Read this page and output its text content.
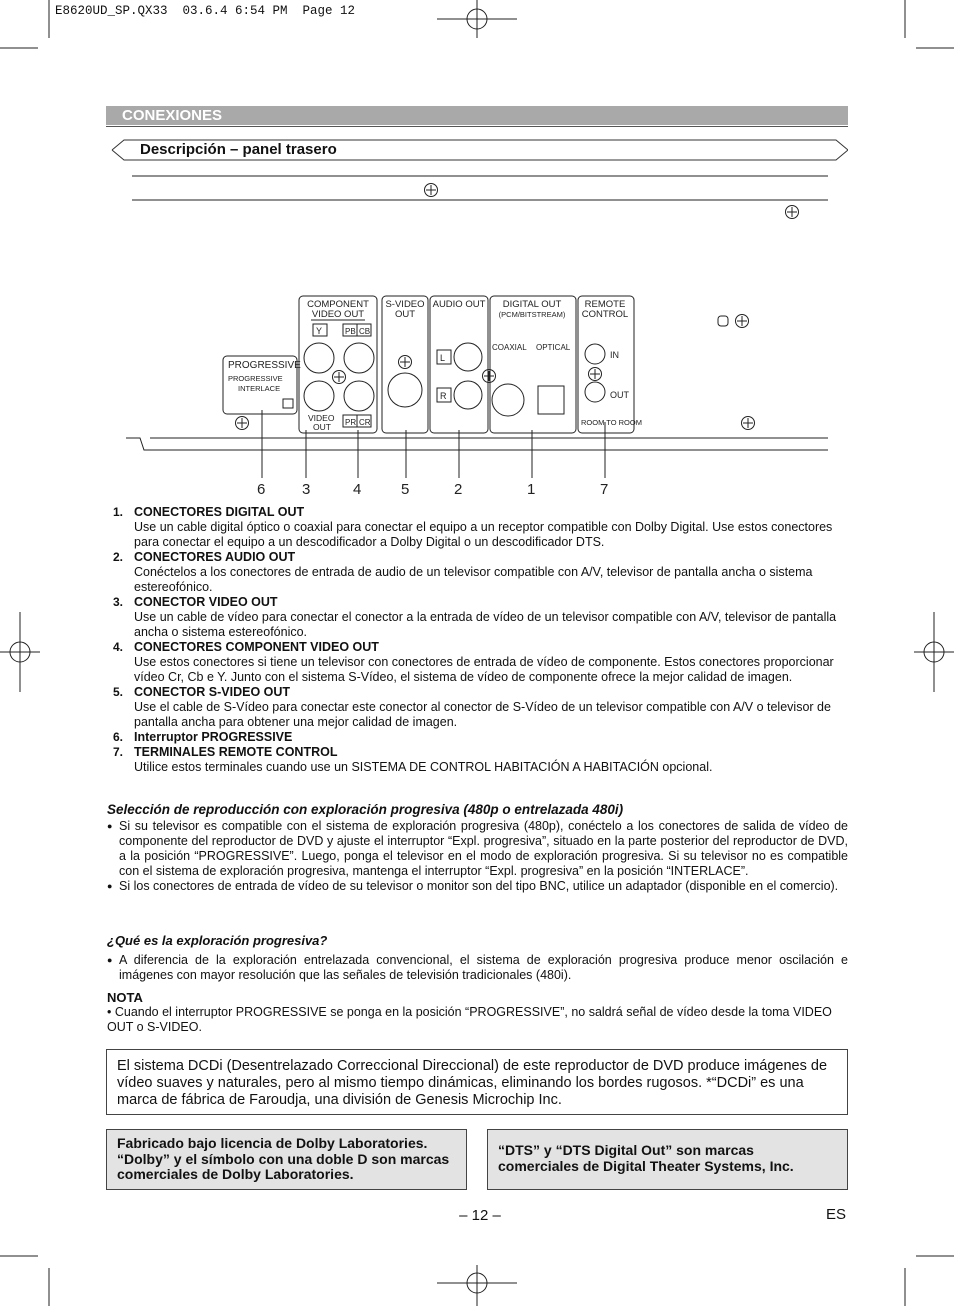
E8620UD_SP.QX33  03.6.4 6:54 PM  Page 12
CONEXIONES
Descripción – panel trasero
PROGRESSIVE
PROGRESSIVE
INTERLACE
COMPONENT
VIDEO OUT
Y	PB CB
PR CR
VIDEO
OUT
S-VIDEO
OUT
AUDIO OUT
L
R
DIGITAL OUT
(PCM/BITSTREAM)
COAXIAL OPTICAL
REMOTE
CONTROL
IN
OUT
ROOM TO ROOM
6 3	4	5	2	1	7
1. CONECTORES DIGITAL OUT
Use un cable digital óptico o coaxial para conectar el equipo a un receptor compatible con Dolby Digital. Use estos conectores para conectar el equipo a un descodificador a Dolby Digital o un descodificador DTS.
2. CONECTORES AUDIO OUT
Conéctelos a los conectores de entrada de audio de un televisor compatible con A/V, televisor de pantalla ancha o sistema estereofónico.
3. CONECTOR VIDEO OUT
Use un cable de vídeo para conectar el conector a la entrada de vídeo de un televisor compatible con A/V, televisor de pantalla ancha o sistema estereofónico.
4. CONECTORES COMPONENT VIDEO OUT
Use estos conectores si tiene un televisor con conectores de entrada de vídeo de componente. Estos conectores proporcionar vídeo Cr, Cb e Y. Junto con el sistema S-Vídeo, el sistema de vídeo de componente ofrece la mejor calidad de imagen.
5. CONECTOR S-VIDEO OUT
Use el cable de S-Vídeo para conectar este conector al conector de S-Vídeo de un televisor compatible con A/V o televisor de pantalla ancha para obtener una mejor calidad de imagen.
6. Interruptor PROGRESSIVE
7. TERMINALES REMOTE CONTROL
Utilice estos terminales cuando use un SISTEMA DE CONTROL HABITACIÓN A HABITACIÓN opcional.
Selección de reproducción con exploración progresiva (480p o entrelazada 480i)
● Si su televisor es compatible con el sistema de exploración progresiva (480p), conéctelo a los conectores de salida de vídeo de componente del reproductor de DVD y ajuste el interruptor “Expl. progresiva”, situado en la parte posterior del reproductor de DVD, a la posición “PROGRESSIVE”. Luego, ponga el televisor en el modo de exploración progresiva. Si su televisor no es compatible con el sistema de exploración progresiva, mantenga el interruptor “Expl. progresiva” en la posición “INTERLACE”.
● Si los conectores de entrada de vídeo de su televisor o monitor son del tipo BNC, utilice un adaptador (disponible en el comercio).
¿Qué es la exploración progresiva?
● A diferencia de la exploración entrelazada convencional, el sistema de exploración progresiva produce menor oscilación e imágenes con mayor resolución que las señales de televisión tradicionales (480i).
NOTA
• Cuando el interruptor PROGRESSIVE se ponga en la posición “PROGRESSIVE”, no saldrá señal de vídeo desde la toma VIDEO OUT o S-VIDEO.
El sistema DCDi (Desentrelazado Correccional Direccional) de este reproductor de DVD produce imágenes de vídeo suaves y naturales, pero al mismo tiempo dinámicas, eliminando los bordes rugosos. *“DCDi” es una marca de fábrica de Faroudja, una división de Genesis Microchip Inc.
Fabricado bajo licencia de Dolby Laboratories. “Dolby” y el símbolo con una doble D son marcas comerciales de Dolby Laboratories.
“DTS” y “DTS Digital Out” son marcas comerciales de Digital Theater Systems, Inc.
– 12 –	ES
